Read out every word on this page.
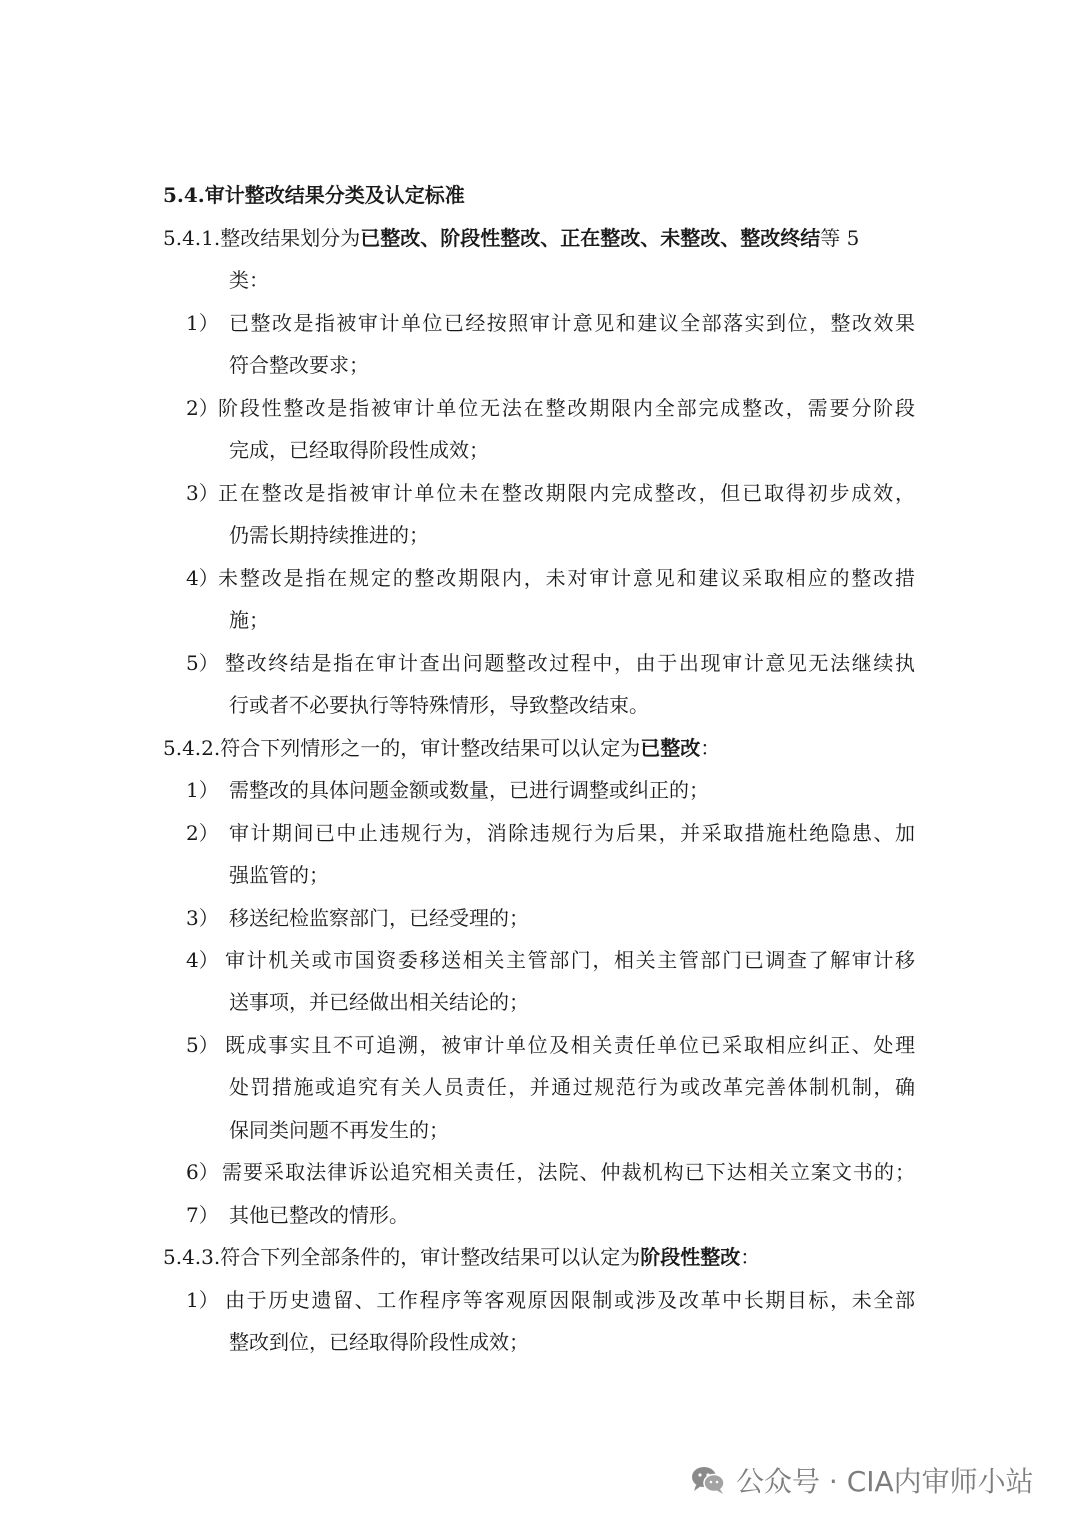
5.4.审计整改结果分类及认定标准
5.4.1.整改结果划分为已整改、阶段性整改、正在整改、未整改、整改终结等 5
类：
1） 已整改是指被审计单位已经按照审计意见和建议全部落实到位，整改效果
符合整改要求；
2） 阶段性整改是指被审计单位无法在整改期限内全部完成整改，需要分阶段
完成，已经取得阶段性成效；
3） 正在整改是指被审计单位未在整改期限内完成整改，但已取得初步成效，
仍需长期持续推进的；
4） 未整改是指在规定的整改期限内，未对审计意见和建议采取相应的整改措
施；
5） 整改终结是指在审计查出问题整改过程中，由于出现审计意见无法继续执
行或者不必要执行等特殊情形，导致整改结束。
5.4.2.符合下列情形之一的，审计整改结果可以认定为已整改：
1） 需整改的具体问题金额或数量，已进行调整或纠正的；
2） 审计期间已中止违规行为，消除违规行为后果，并采取措施杜绝隐患、加
强监管的；
3） 移送纪检监察部门，已经受理的；
4） 审计机关或市国资委移送相关主管部门，相关主管部门已调查了解审计移
送事项，并已经做出相关结论的；
5） 既成事实且不可追溯，被审计单位及相关责任单位已采取相应纠正、处理
处罚措施或追究有关人员责任，并通过规范行为或改革完善体制机制，确
保同类问题不再发生的；
6） 需要采取法律诉讼追究相关责任，法院、仲裁机构已下达相关立案文书的；
7） 其他已整改的情形。
5.4.3.符合下列全部条件的，审计整改结果可以认定为阶段性整改：
1） 由于历史遗留、工作程序等客观原因限制或涉及改革中长期目标，未全部
整改到位，已经取得阶段性成效；
公众号 · CIA内审师小站
